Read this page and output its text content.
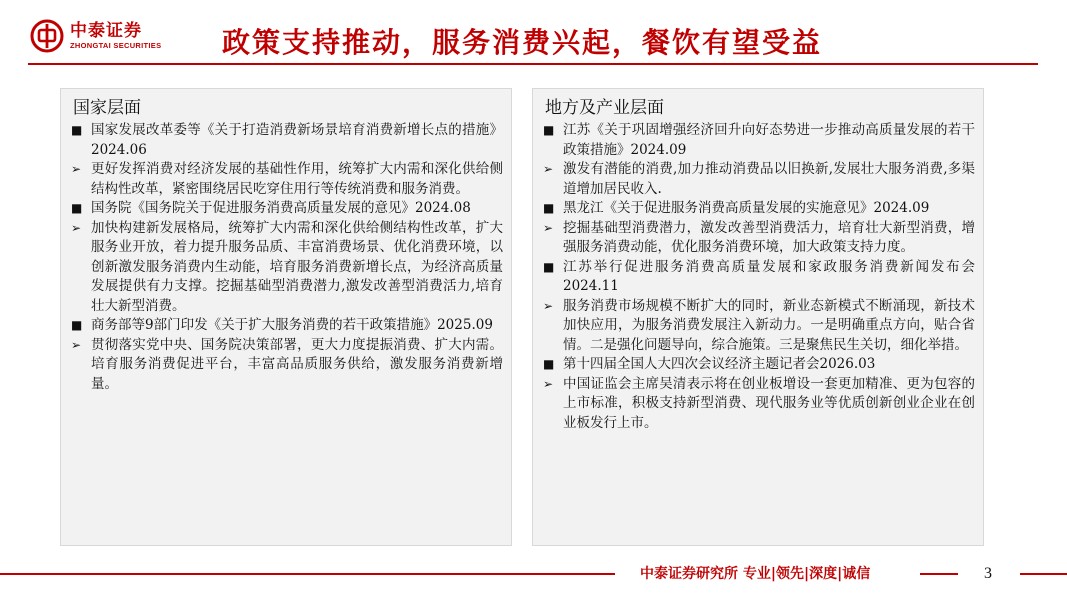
中泰证券
ZHONGTAI SECURITIES 政策支持推动，服务消费兴起，餐饮有望受益
国家层面
■ 国家发展改革委等《关于打造消费新场景培育消费新增长点的措施》2024.06
➢ 更好发挥消费对经济发展的基础性作用，统筹扩大内需和深化供给侧结构性改革，紧密围绕居民吃穿住用行等传统消费和服务消费。
■ 国务院《国务院关于促进服务消费高质量发展的意见》2024.08
➢ 加快构建新发展格局，统筹扩大内需和深化供给侧结构性改革，扩大服务业开放，着力提升服务品质、丰富消费场景、优化消费环境，以创新激发服务消费内生动能，培育服务消费新增长点，为经济高质量发展提供有力支撑。挖掘基础型消费潜力,激发改善型消费活力,培育壮大新型消费。
■ 商务部等9部门印发《关于扩大服务消费的若干政策措施》2025.09
➢ 贯彻落实党中央、国务院决策部署，更大力度提振消费、扩大内需。培育服务消费促进平台，丰富高品质服务供给，激发服务消费新增量。
地方及产业层面
■ 江苏《关于巩固增强经济回升向好态势进一步推动高质量发展的若干政策措施》2024.09
➢ 激发有潜能的消费,加力推动消费品以旧换新,发展壮大服务消费,多渠道增加居民收入.
■ 黑龙江《关于促进服务消费高质量发展的实施意见》2024.09
➢ 挖掘基础型消费潜力，激发改善型消费活力，培育壮大新型消费，增强服务消费动能，优化服务消费环境，加大政策支持力度。
■ 江苏举行促进服务消费高质量发展和家政服务消费新闻发布会 2024.11
➢ 服务消费市场规模不断扩大的同时，新业态新模式不断涌现，新技术加快应用，为服务消费发展注入新动力。一是明确重点方向，贴合省情。二是强化问题导向，综合施策。三是聚焦民生关切，细化举措。
■ 第十四届全国人大四次会议经济主题记者会2026.03
➢ 中国证监会主席吴清表示将在创业板增设一套更加精准、更为包容的上市标准，积极支持新型消费、现代服务业等优质创新创业企业在创业板发行上市。
中泰证券研究所 专业|领先|深度|诚信	3
